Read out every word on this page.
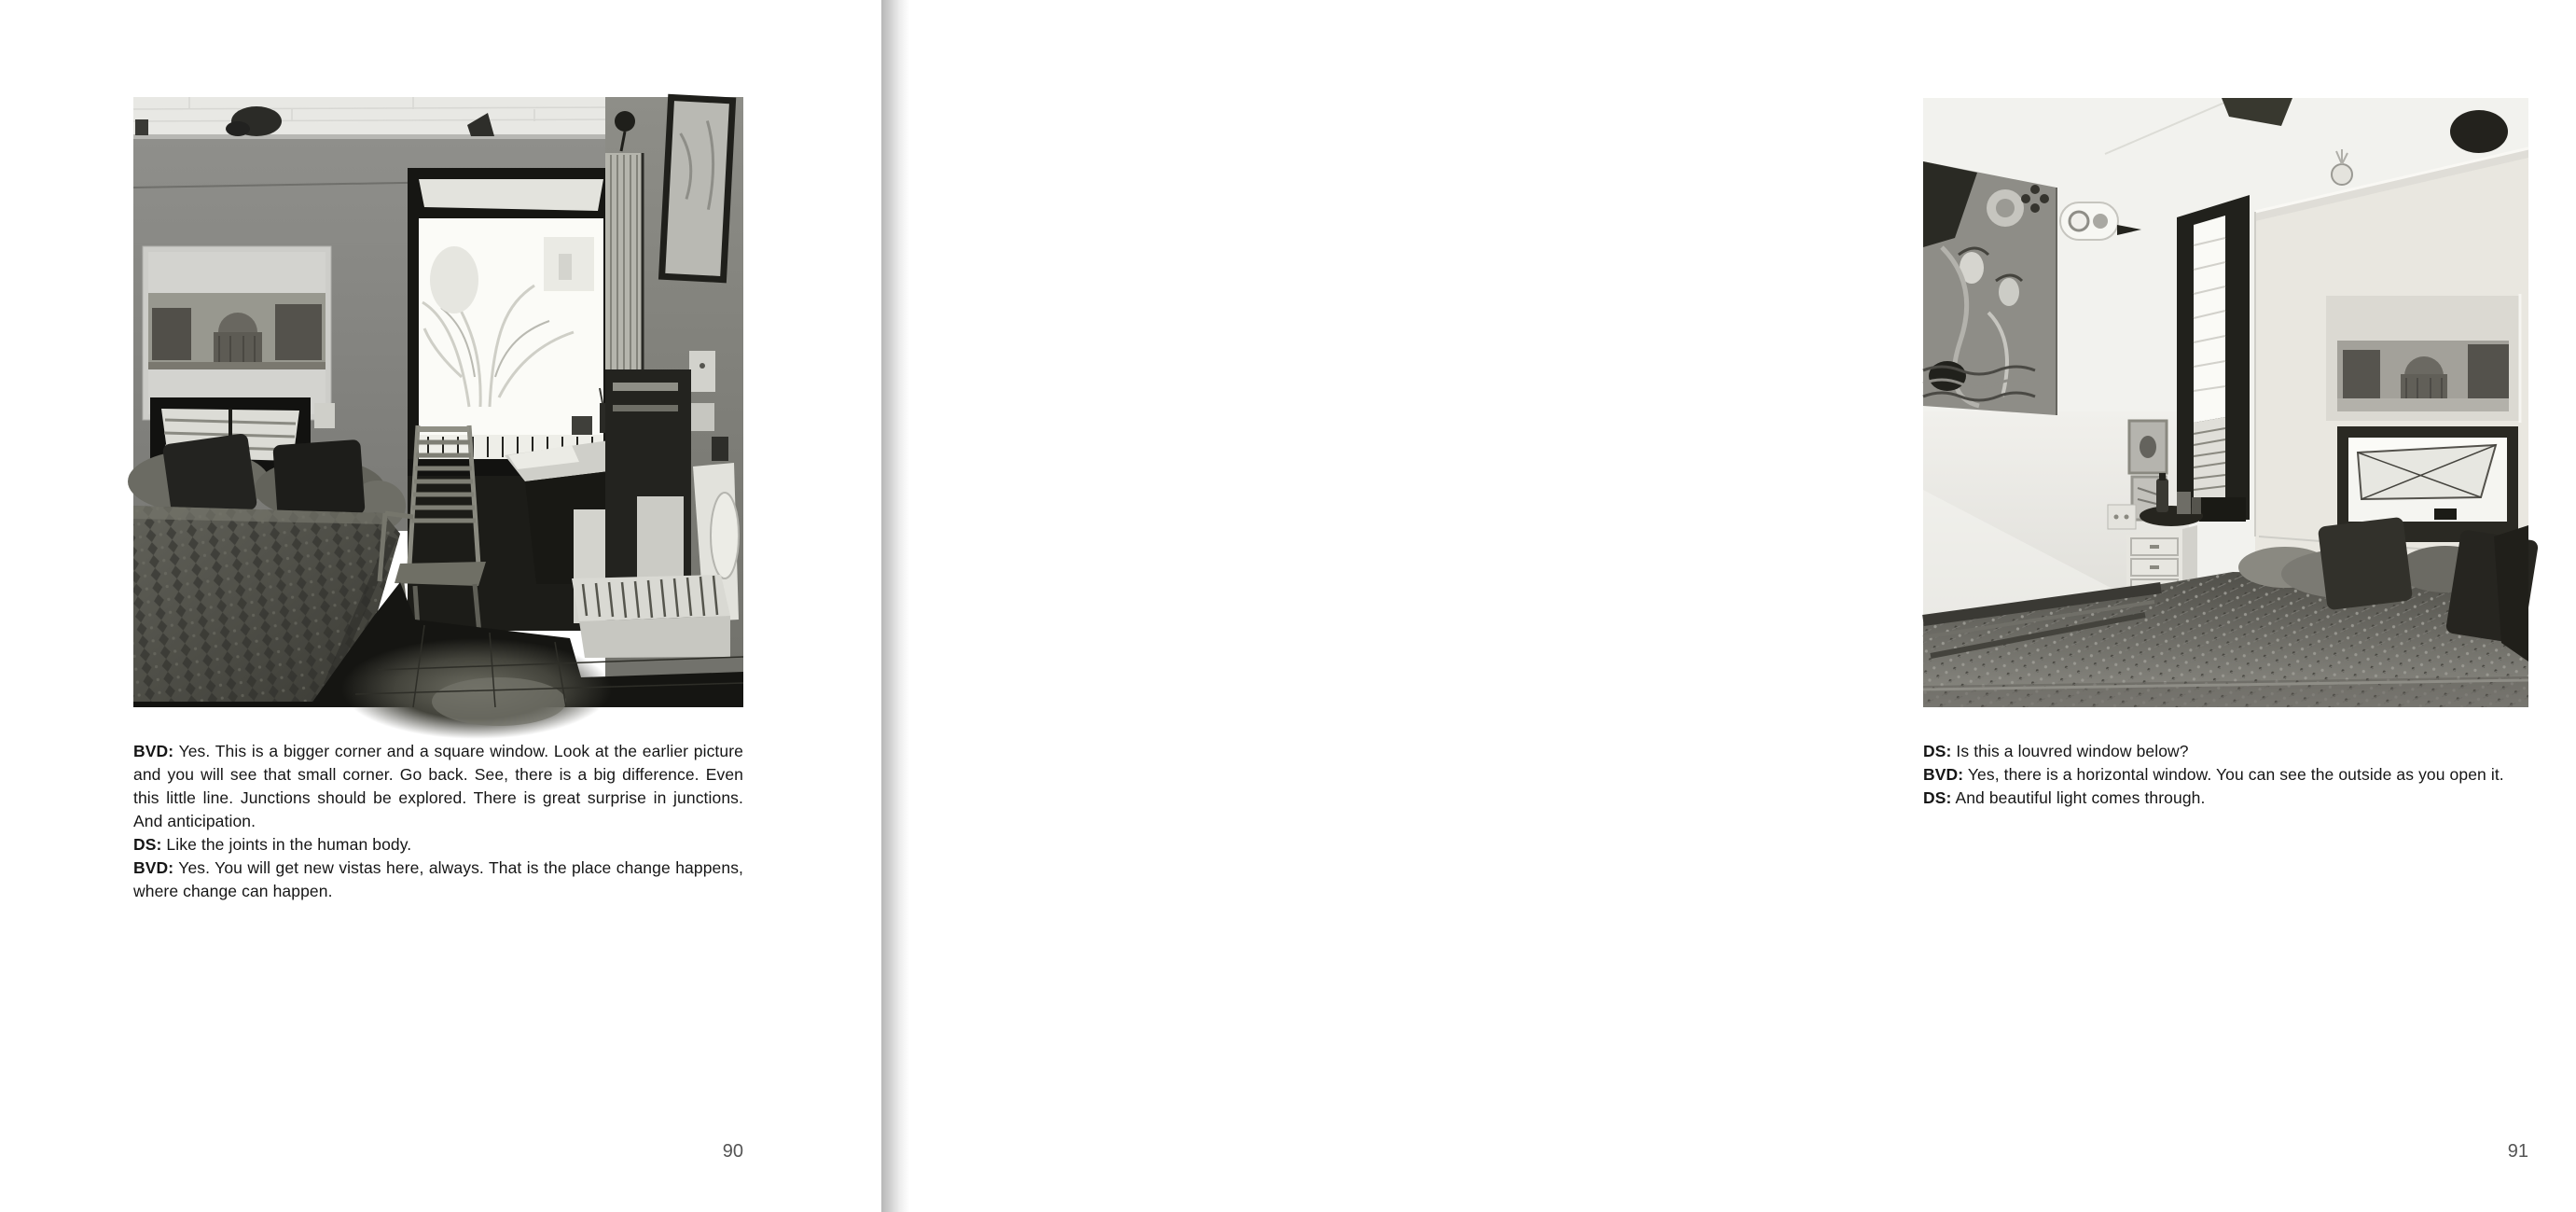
BVD: Yes. This is a bigger corner and a square window. Look at the earlier picture and you will see that small corner. Go back. See, there is a big difference. Even this little line. Junctions should be explored. There is great surprise in junctions. And anticipation.

DS: Like the joints in the human body.

BVD: Yes. You will get new vistas here, always. That is the place change happens, where change can happen.

90

DS: Is this a louvred window below?

BVD: Yes, there is a horizontal window. You can see the outside as you open it.

DS: And beautiful light comes through.

91
